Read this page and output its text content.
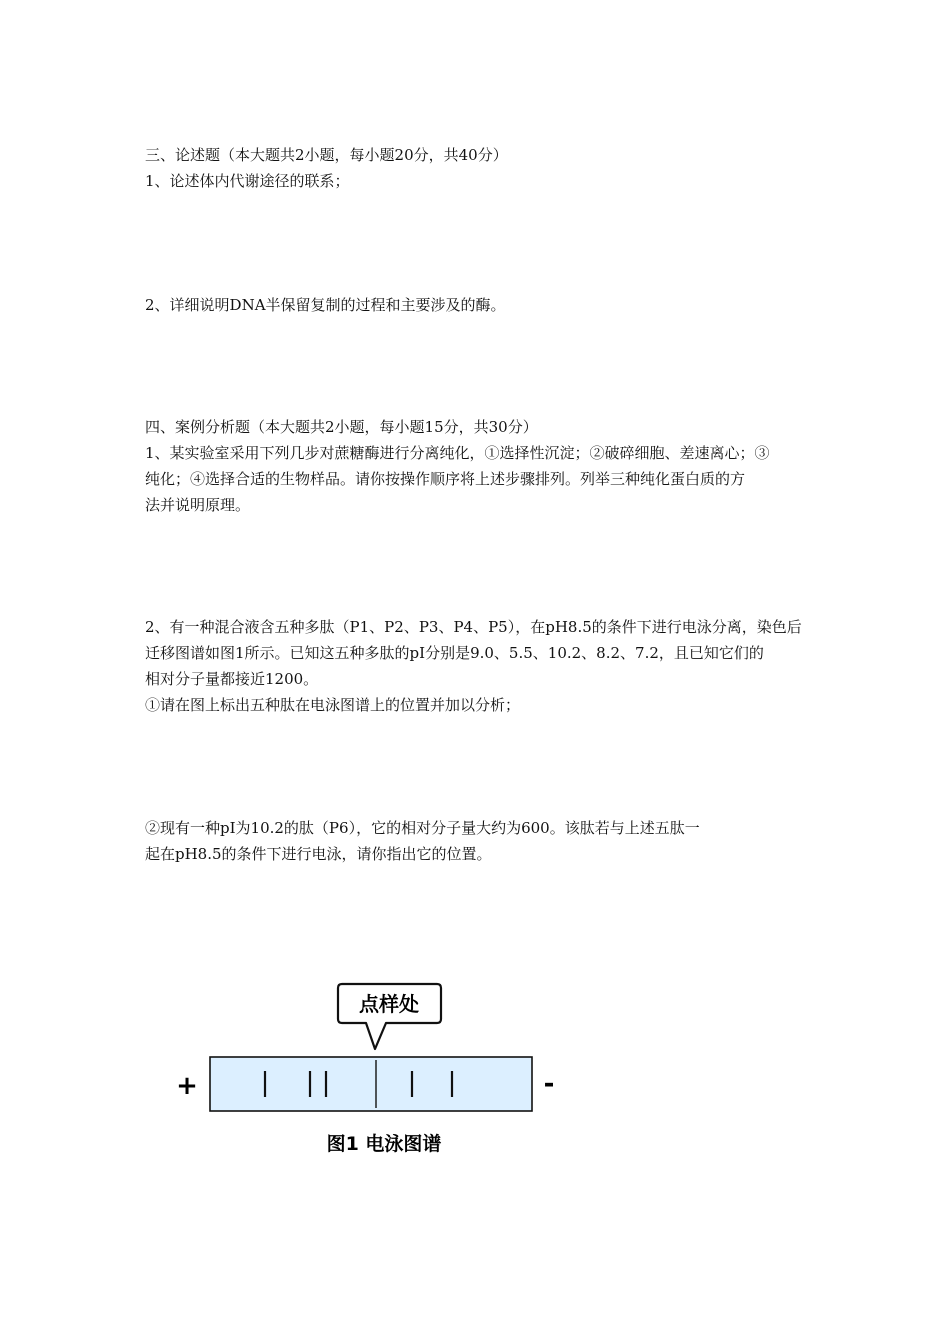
三、论述题（本大题共2小题，每小题20分，共40分）
1、论述体内代谢途径的联系；
2、详细说明DNA半保留复制的过程和主要涉及的酶。
四、案例分析题（本大题共2小题，每小题15分，共30分）
1、某实验室采用下列几步对蔗糖酶进行分离纯化，①选择性沉淀；②破碎细胞、差速离心；③
纯化；④选择合适的生物样品。请你按操作顺序将上述步骤排列。列举三种纯化蛋白质的方
法并说明原理。
2、有一种混合液含五种多肽（P1、P2、P3、P4、P5），在pH8.5的条件下进行电泳分离，染色后
迁移图谱如图1所示。已知这五种多肽的pI分别是9.0、5.5、10.2、8.2、7.2，且已知它们的
相对分子量都接近1200。
①请在图上标出五种肽在电泳图谱上的位置并加以分析；
②现有一种pI为10.2的肽（P6），它的相对分子量大约为600。该肽若与上述五肽一
起在pH8.5的条件下进行电泳，请你指出它的位置。
点样处
+	-
图1 电泳图谱
